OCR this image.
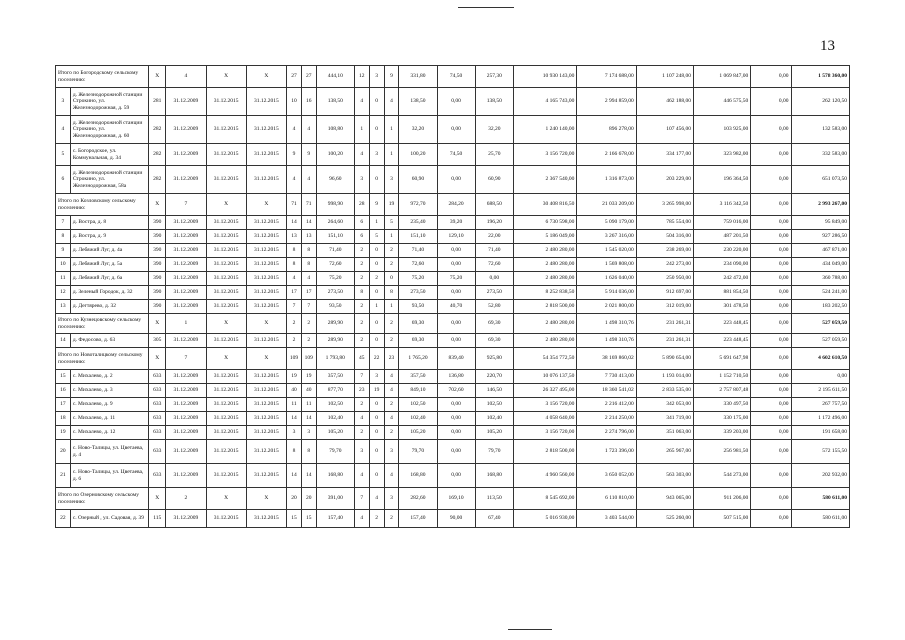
13
Итого по Богородскому сельскому поселению:		Х	4	Х	Х	27	27	444,10	12	3	9	331,80	74,50	257,30	10 930 143,00	7 174 688,00	1 107 248,00	1 069 847,00	0,00	1 578 360,00
3	д. Железнодорожной станции Строкино, ул. Железнодорожная, д. 59	281	31.12.2009	31.12.2015	31.12.2015	10	16	138,50	4	0	4	138,50	0,00	138,50	4 165 743,00	2 994 859,00	462 188,00	446 575,50	0,00	262 120,50
4	д. Железнодорожной станции Строкино, ул. Железнодорожная, д. 60	282	31.12.2009	31.12.2015	31.12.2015	4	4	108,80	1	0	1	32,20	0,00	32,20	1 240 140,00	896 278,00	107 456,00	103 925,00	0,00	132 583,00
5	с. Богородское, ул. Коммунальная, д. 34	282	31.12.2009	31.12.2015	31.12.2015	9	9	100,20	4	3	1	100,20	74,50	25,70	3 156 720,00	2 166 678,00	334 177,00	323 982,00	0,00	332 583,00
6	д. Железнодорожной станции Строкино, ул. Железнодорожная, 58а	282	31.12.2009	31.12.2015	31.12.2015	4	4	96,60	3	0	3	60,90	0,00	60,90	2 367 540,00	1 316 873,00	203 229,00	196 364,50	0,00	651 073,50
Итого по Козловскому сельскому поселению:		Х	7	Х	Х	71	71	998,90	28	9	19	972,70	284,20	688,50	30 408 816,50	21 033 209,00	3 265 998,00	3 116 342,50	0,00	2 993 267,00
7	д. Вострa, д. 8	390	31.12.2009	31.12.2015	31.12.2015	14	14	264,60	6	1	5	235,40	39,20	196,20	6 730 598,00	5 090 179,00	785 554,00	759 016,00	0,00	95 849,00
8	д. Вострa, д. 9	390	31.12.2009	31.12.2015	31.12.2015	13	13	151,10	6	5	1	151,10	129,10	22,00	5 186 049,00	3 267 316,00	504 316,00	487 201,50	0,00	927 286,50
9	д. Лебяжий Луг, д. 4а	390	31.12.2009	31.12.2015	31.12.2015	8	8	71,40	2	0	2	71,40	0,00	71,40	2 480 280,00	1 545 020,00	238 269,00	230 220,00	0,00	467 871,00
10	д. Лебяжий Луг, д. 5а	390	31.12.2009	31.12.2015	31.12.2015	8	8	72,60	2	0	2	72,60	0,00	72,60	2 480 280,00	1 569 808,00	242 273,00	234 090,00	0,00	434 049,00
11	д. Лебяжий Луг, д. 6а	390	31.12.2009	31.12.2015	31.12.2015	4	4	75,20	2	2	0	75,20	75,20	0,00	2 480 280,00	1 626 040,00	250 950,00	242 472,00	0,00	360 788,00
12	д. Зеленый Городок, д. 32	390	31.12.2009	31.12.2015	31.12.2015	17	17	273,50	8	0	8	273,50	0,00	273,50	8 252 838,50	5 914 036,00	912 697,00	881 854,50	0,00	524 241,00
13	д. Дегтярево, д. 32	390	31.12.2009	31.12.2015	31.12.2015	7	7	93,50	2	1	1	93,50	40,70	52,80	2 818 500,00	2 021 800,00	312 019,00	301 478,50	0,00	183 202,50
Итого по Кузнецовскому сельскому поселению:		Х	1	Х	Х	2	2	289,90	2	0	2	69,30	0,00	69,30	2 480 280,00	1 498 310,76	231 261,31	223 448,45	0,00	527 059,50
14	д. Федосово, д. 63	305	31.12.2009	31.12.2015	31.12.2015	2	2	289,90	2	0	2	69,30	0,00	69,30	2 480 280,00	1 498 310,76	231 261,31	223 448,45	0,00	527 059,50
Итого по Новоталицкому сельскому поселению:		Х	7	Х	Х	109	109	1 793,80	45	22	23	1 765,20	839,40	925,80	54 354 772,50	38 169 860,02	5 890 654,00	5 691 647,98	0,00	4 602 610,50
15	с. Михалево, д. 2	633	31.12.2009	31.12.2015	31.12.2015	19	19	357,50	7	3	4	357,50	136,80	220,70	10 076 137,50	7 730 413,00	1 193 014,00	1 152 710,50	0,00	0,00
16	с. Михалево, д. 3	633	31.12.2009	31.12.2015	31.12.2015	40	40	877,70	23	19	4	849,10	702,60	146,50	26 327 495,00	18 360 541,02	2 833 535,00	2 757 807,48	0,00	2 195 611,50
17	с. Михалево, д. 9	633	31.12.2009	31.12.2015	31.12.2015	11	11	102,50	2	0	2	102,50	0,00	102,50	3 156 720,00	2 216 412,00	342 053,00	330 497,50	0,00	267 757,50
18	с. Михалево, д. 11	633	31.12.2009	31.12.2015	31.12.2015	14	14	102,40	4	0	4	102,40	0,00	102,40	4 058 640,00	2 214 250,00	341 719,00	330 175,00	0,00	1 172 496,00
19	с. Михалево, д. 12	633	31.12.2009	31.12.2015	31.12.2015	3	3	105,20	2	0	2	105,20	0,00	105,20	3 156 720,00	2 274 796,00	351 063,00	339 203,00	0,00	191 658,00
20	с. Ново-Талицы, ул. Цветаева, д. 4	633	31.12.2009	31.12.2015	31.12.2015	8	8	79,70	3	0	3	79,70	0,00	79,70	2 818 500,00	1 723 396,00	265 967,00	256 981,50	0,00	572 155,50
21	с. Ново-Талицы, ул. Цветаева, д. 6	633	31.12.2009	31.12.2015	31.12.2015	14	14	168,80	4	0	4	168,80	0,00	168,80	4 960 560,00	3 650 052,00	563 303,00	544 273,00	0,00	202 932,00
Итого по Озерновскому сельскому поселению:		Х	2	Х	Х	20	20	391,00	7	4	3	282,60	169,10	113,50	8 545 692,00	6 110 810,00	943 065,00	911 206,00	0,00	580 611,00
22	с. Озерный , ул. Садовая, д. 39	115	31.12.2009	31.12.2015	31.12.2015	15	15	157,40	4	2	2	157,40	90,00	67,40	5 016 930,00	3 403 544,00	525 260,00	507 515,00	0,00	580 611,00
